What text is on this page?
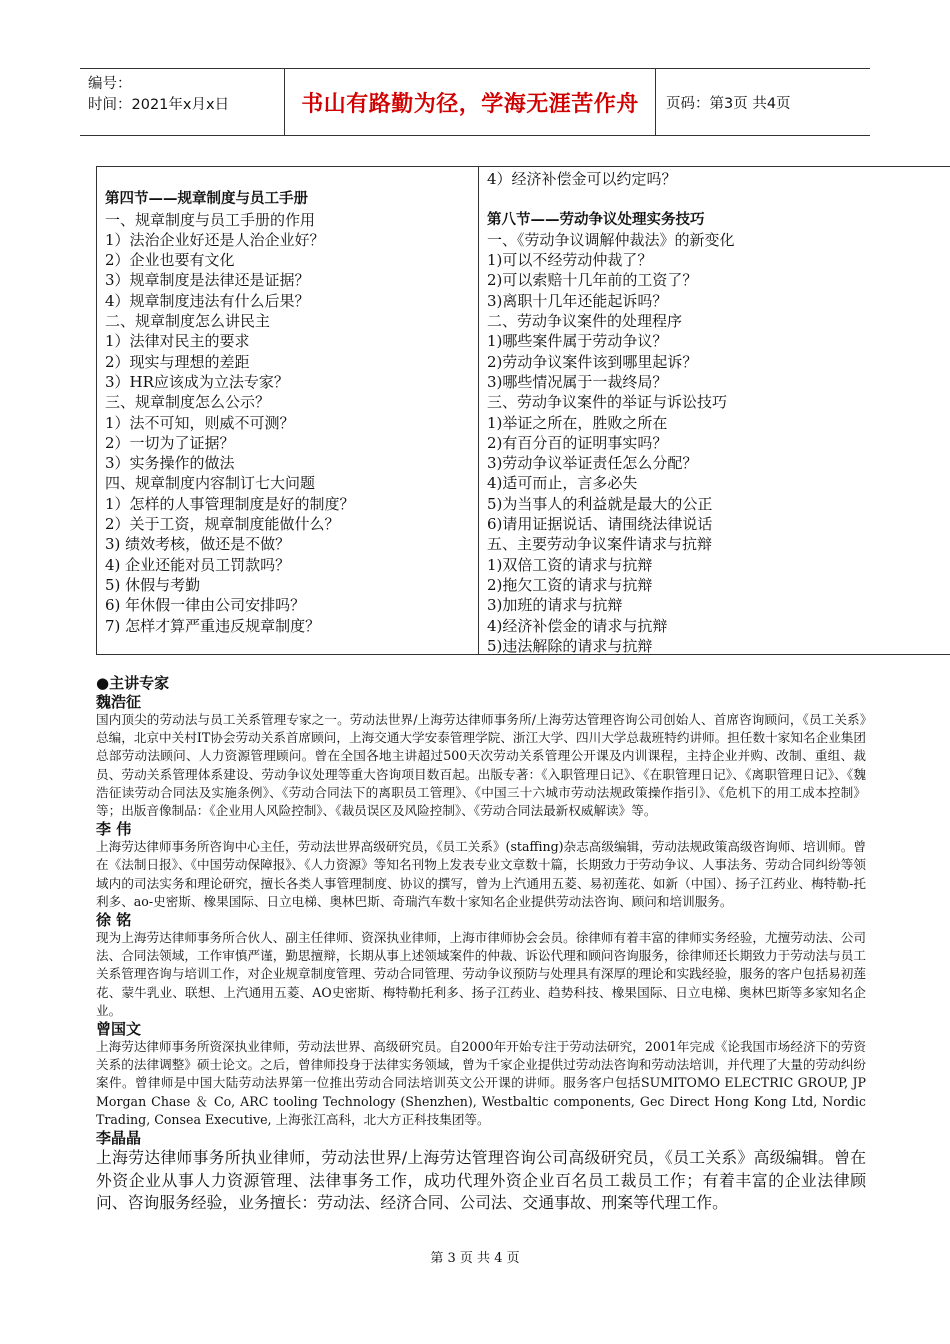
编号：
时间：2021年x月x日	书山有路勤为径，学海无涯苦作舟	页码：第3页 共4页
第四节——规章制度与员工手册
一、规章制度与员工手册的作用
1）法治企业好还是人治企业好？
2）企业也要有文化
3）规章制度是法律还是证据？
4）规章制度违法有什么后果？
二、规章制度怎么讲民主
1）法律对民主的要求
2）现实与理想的差距
3）HR应该成为立法专家？
三、规章制度怎么公示？
1）法不可知，则威不可测？
2）一切为了证据？
3）实务操作的做法
四、规章制度内容制订七大问题
1）怎样的人事管理制度是好的制度？
2）关于工资，规章制度能做什么？
3) 绩效考核，做还是不做？
4) 企业还能对员工罚款吗？
5) 休假与考勤
6) 年休假一律由公司安排吗？
7) 怎样才算严重违反规章制度？
4）经济补偿金可以约定吗？
第八节——劳动争议处理实务技巧
一、《劳动争议调解仲裁法》的新变化
1)可以不经劳动仲裁了？
2)可以索赔十几年前的工资了？
3)离职十几年还能起诉吗？
二、劳动争议案件的处理程序
1)哪些案件属于劳动争议？
2)劳动争议案件该到哪里起诉？
3)哪些情况属于一裁终局？
三、劳动争议案件的举证与诉讼技巧
1)举证之所在，胜败之所在
2)有百分百的证明事实吗？
3)劳动争议举证责任怎么分配？
4)适可而止，言多必失
5)为当事人的利益就是最大的公正
6)请用证据说话、请围绕法律说话
五、主要劳动争议案件请求与抗辩
1)双倍工资的请求与抗辩
2)拖欠工资的请求与抗辩
3)加班的请求与抗辩
4)经济补偿金的请求与抗辩
5)违法解除的请求与抗辩
●主讲专家
魏浩征
国内顶尖的劳动法与员工关系管理专家之一。劳动法世界/上海劳达律师事务所/上海劳达管理咨询公司创始人、首席咨询顾问，《员工关系》总编，北京中关村IT协会劳动关系首席顾问，上海交通大学安泰管理学院、浙江大学、四川大学总裁班特约讲师。担任数十家知名企业集团总部劳动法顾问、人力资源管理顾问。曾在全国各地主讲超过500天次劳动关系管理公开课及内训课程，主持企业并购、改制、重组、裁员、劳动关系管理体系建设、劳动争议处理等重大咨询项目数百起。出版专著：《入职管理日记》、《在职管理日记》、《离职管理日记》、《魏浩征读劳动合同法及实施条例》、《劳动合同法下的离职员工管理》、《中国三十六城市劳动法规政策操作指引》、《危机下的用工成本控制》等；出版音像制品：《企业用人风险控制》、《裁员误区及风险控制》、《劳动合同法最新权威解读》等。
李 伟
上海劳达律师事务所咨询中心主任，劳动法世界高级研究员，《员工关系》(staffing)杂志高级编辑，劳动法规政策高级咨询师、培训师。曾在《法制日报》、《中国劳动保障报》、《人力资源》等知名刊物上发表专业文章数十篇，长期致力于劳动争议、人事法务、劳动合同纠纷等领域内的司法实务和理论研究，擅长各类人事管理制度、协议的撰写，曾为上汽通用五菱、易初莲花、如新（中国）、扬子江药业、梅特勒-托利多、ao-史密斯、橡果国际、日立电梯、奥林巴斯、奇瑞汽车数十家知名企业提供劳动法咨询、顾问和培训服务。
徐 铭
现为上海劳达律师事务所合伙人、副主任律师、资深执业律师，上海市律师协会会员。徐律师有着丰富的律师实务经验，尤擅劳动法、公司法、合同法领域，工作审慎严谨，勤思擅辩，长期从事上述领域案件的仲裁、诉讼代理和顾问咨询服务，徐律师还长期致力于劳动法与员工关系管理咨询与培训工作，对企业规章制度管理、劳动合同管理、劳动争议预防与处理具有深厚的理论和实践经验，服务的客户包括易初莲花、蒙牛乳业、联想、上汽通用五菱、AO史密斯、梅特勒托利多、扬子江药业、趋势科技、橡果国际、日立电梯、奥林巴斯等多家知名企业。
曾国文
上海劳达律师事务所资深执业律师，劳动法世界、高级研究员。自2000年开始专注于劳动法研究，2001年完成《论我国市场经济下的劳资关系的法律调整》硕士论文。之后，曾律师投身于法律实务领域，曾为千家企业提供过劳动法咨询和劳动法培训，并代理了大量的劳动纠纷案件。曾律师是中国大陆劳动法界第一位推出劳动合同法培训英文公开课的讲师。服务客户包括SUMITOMO ELECTRIC GROUP, JP Morgan Chase ＆ Co, ARC tooling Technology (Shenzhen), Westbaltic components, Gec Direct Hong Kong Ltd, Nordic Trading, Consea Executive, 上海张江高科，北大方正科技集团等。
李晶晶
上海劳达律师事务所执业律师，劳动法世界/上海劳达管理咨询公司高级研究员，《员工关系》高级编辑。曾在外资企业从事人力资源管理、法律事务工作，成功代理外资企业百名员工裁员工作；有着丰富的企业法律顾问、咨询服务经验，业务擅长：劳动法、经济合同、公司法、交通事故、刑案等代理工作。
第 3 页 共 4 页
